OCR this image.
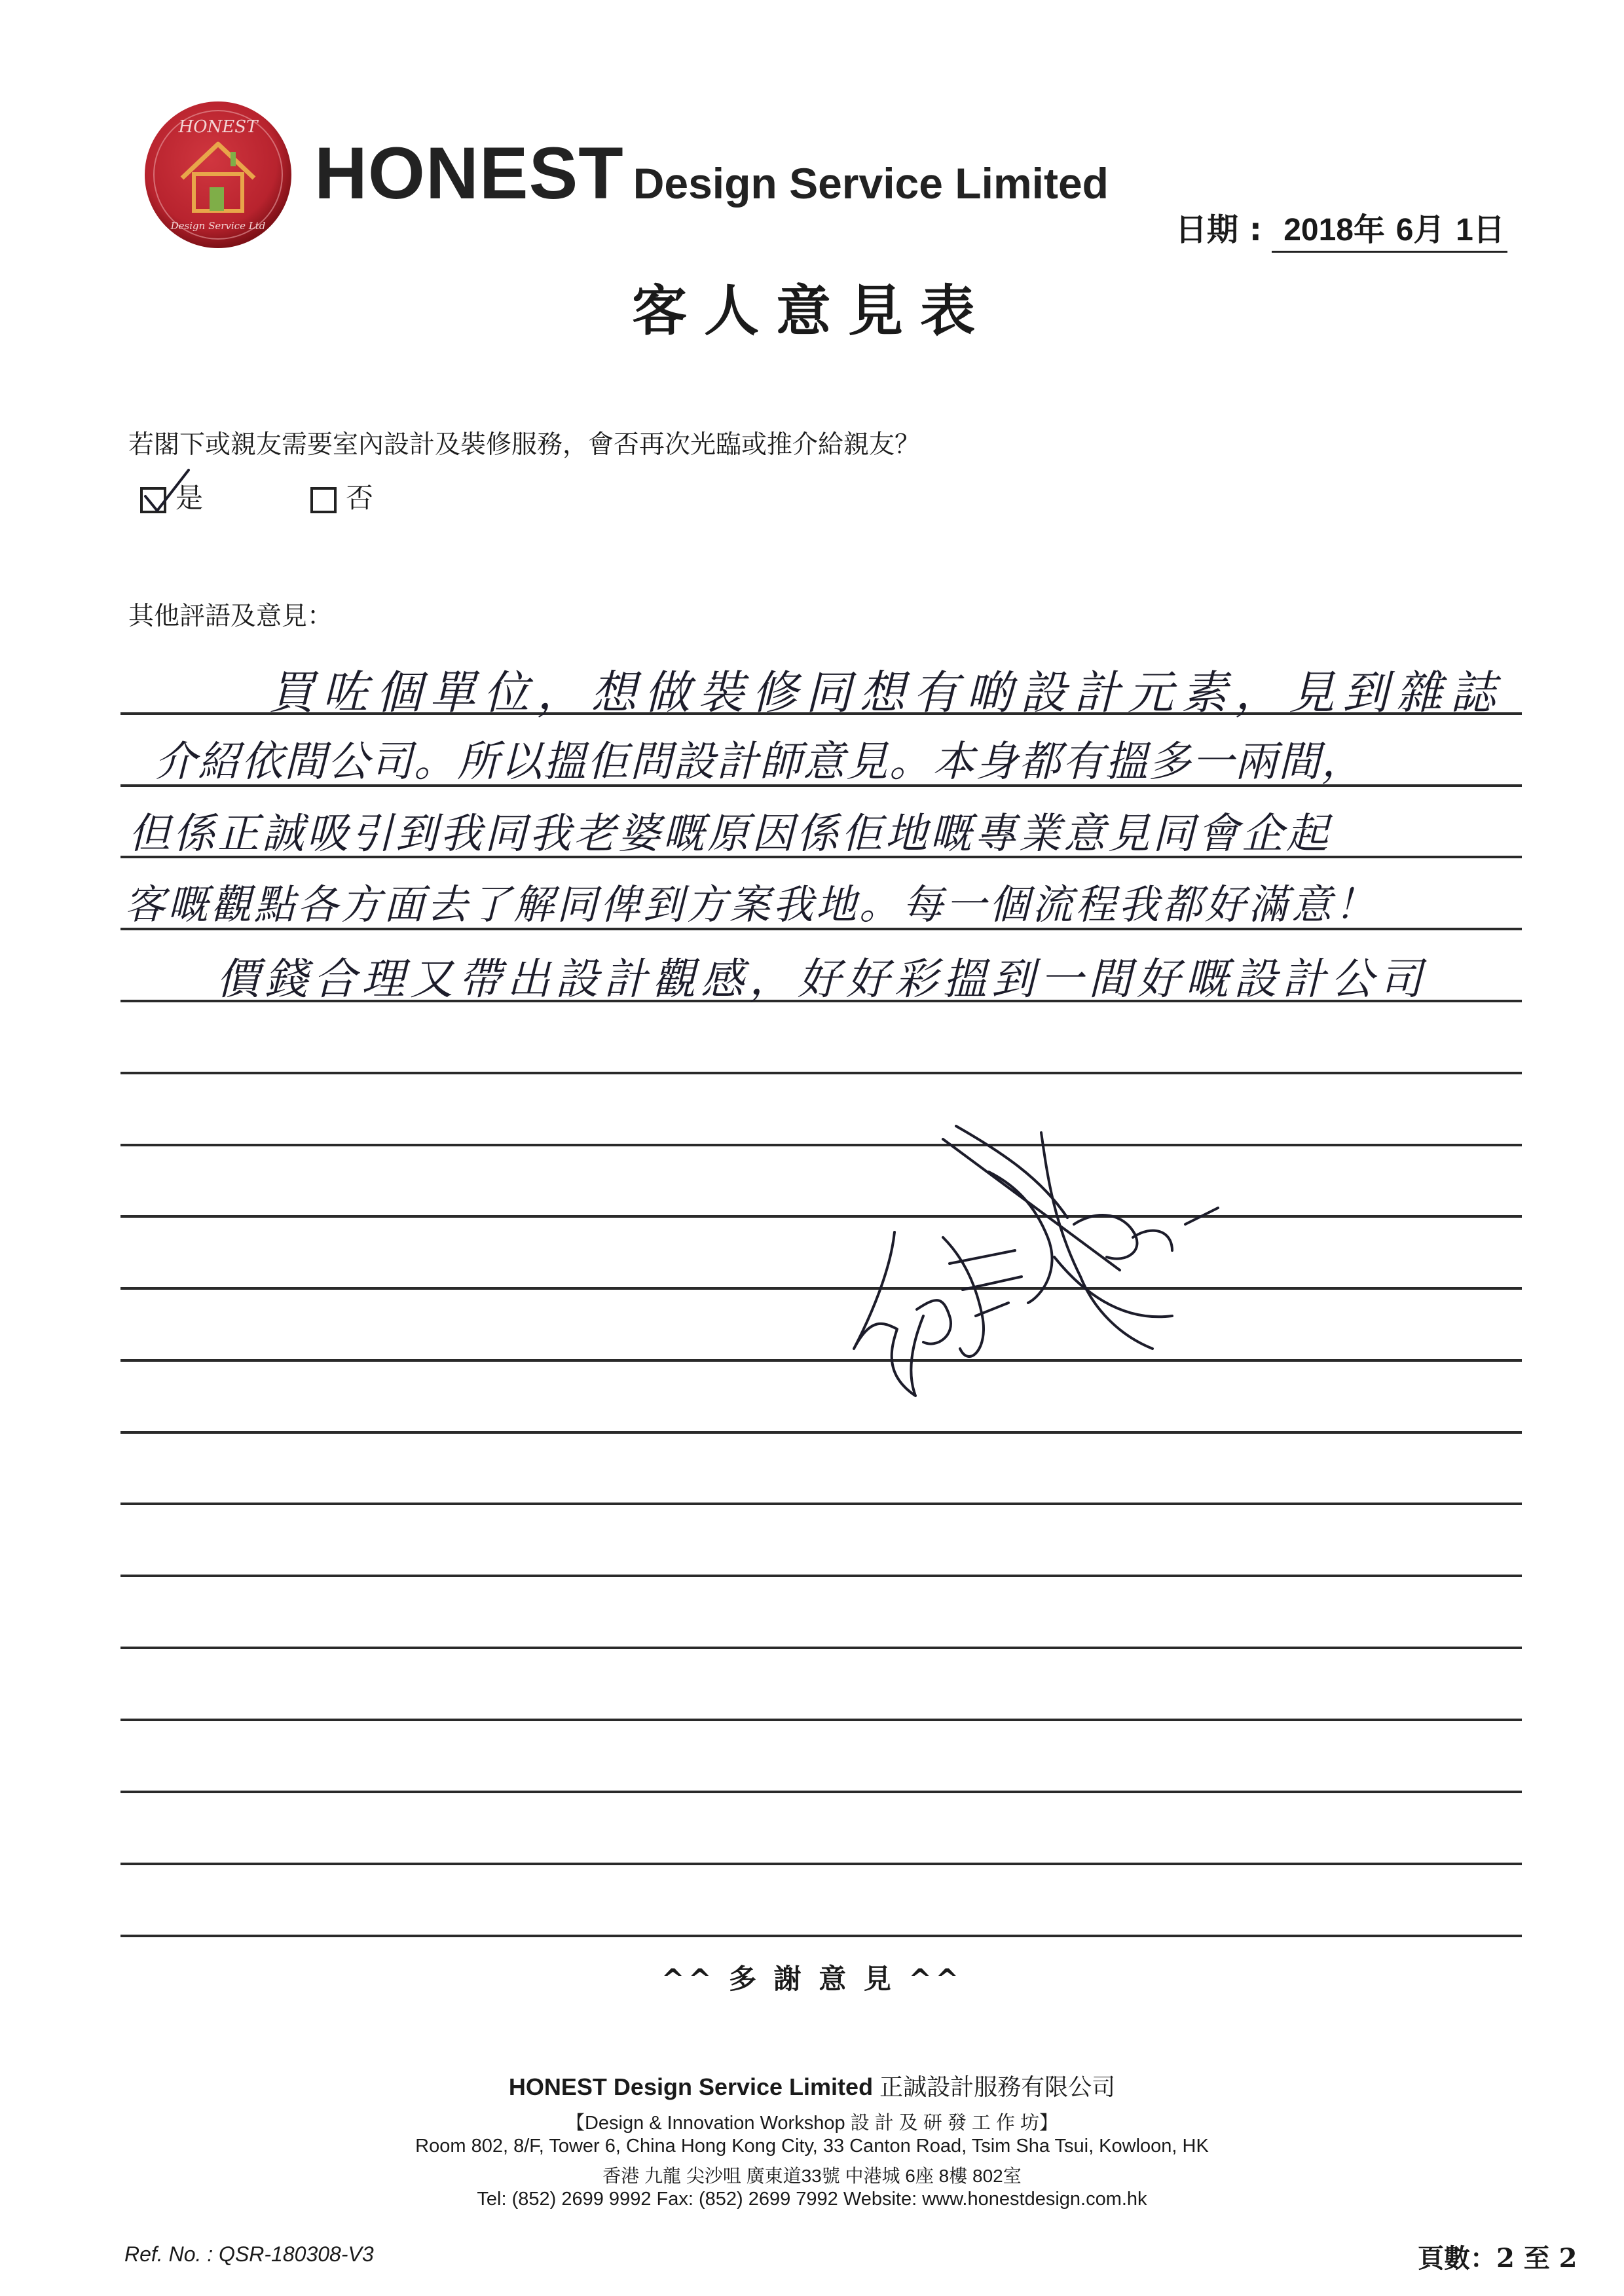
HONEST
Design Service Ltd
HONEST Design Service Limited
日期 : 2018年 6月 1日
客人意見表
若閣下或親友需要室內設計及裝修服務，會否再次光臨或推介給親友？
是	否
其他評語及意見：
買咗個單位，想做裝修同想有啲設計元素，見到雜誌
介紹依間公司。所以搵佢問設計師意見。本身都有搵多一兩間，
但係正誠吸引到我同我老婆嘅原因係佢地嘅專業意見同會企起
客嘅觀點各方面去了解同俾到方案我地。每一個流程我都好滿意！
價錢合理又帶出設計觀感，好好彩搵到一間好嘅設計公司
^^ 多 謝 意 見 ^^
HONEST Design Service Limited 正誠設計服務有限公司
【Design & Innovation Workshop 設 計 及 研 發 工 作 坊】
Room 802, 8/F, Tower 6, China Hong Kong City, 33 Canton Road, Tsim Sha Tsui, Kowloon, HK
香港 九龍 尖沙咀 廣東道33號 中港城 6座 8樓 802室
Tel: (852) 2699 9992 Fax: (852) 2699 7992 Website: www.honestdesign.com.hk
Ref. No. : QSR-180308-V3	頁數：2 至 2
